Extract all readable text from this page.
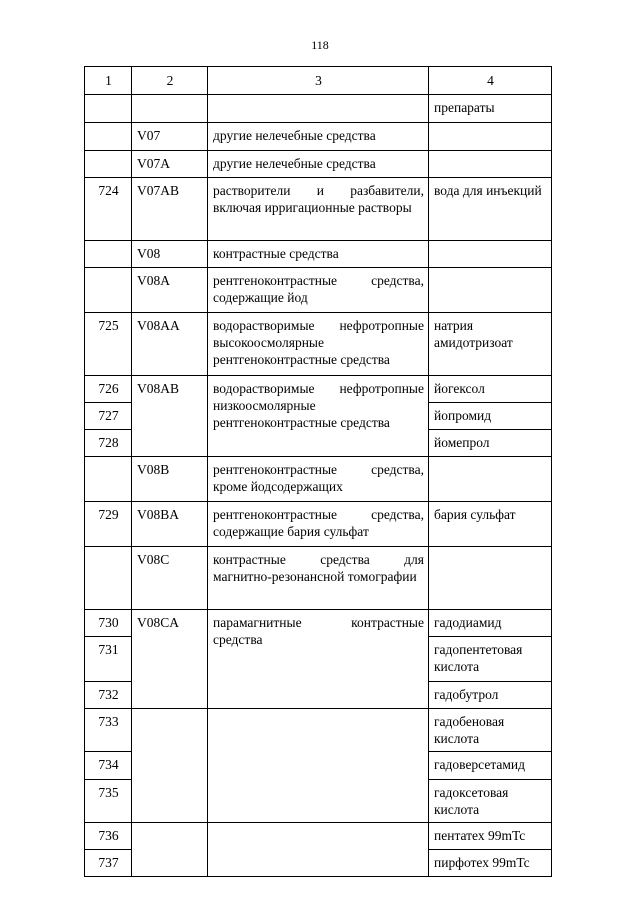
118
1	2	3	4
			препараты
	V07	другие нелечебные средства	
	V07A	другие нелечебные средства	
724	V07AB	растворители и разбавители, включая ирригационные растворы	вода для инъекций
	V08	контрастные средства	
	V08A	рентгеноконтрастные средства, содержащие йод	
725	V08AA	водорастворимые нефротропные высокоосмолярные рентгеноконтрастные средства	натрия амидотризоат
726	V08AB	водорастворимые нефротропные низкоосмолярные рентгеноконтрастные средства	йогексол
727			йопромид
728			йомепрол
	V08B	рентгеноконтрастные средства, кроме йодсодержащих	
729	V08BA	рентгеноконтрастные средства, содержащие бария сульфат	бария сульфат
	V08C	контрастные средства для магнитно-резонансной томографии	
730	V08CA	парамагнитные контрастные средства	гадодиамид
731			гадопентетовая кислота
732			гадобутрол
733			гадобеновая кислота
734			гадоверсетамид
735			гадоксетовая кислота
736			пентатех 99mTc
737			пирфотех 99mTc
